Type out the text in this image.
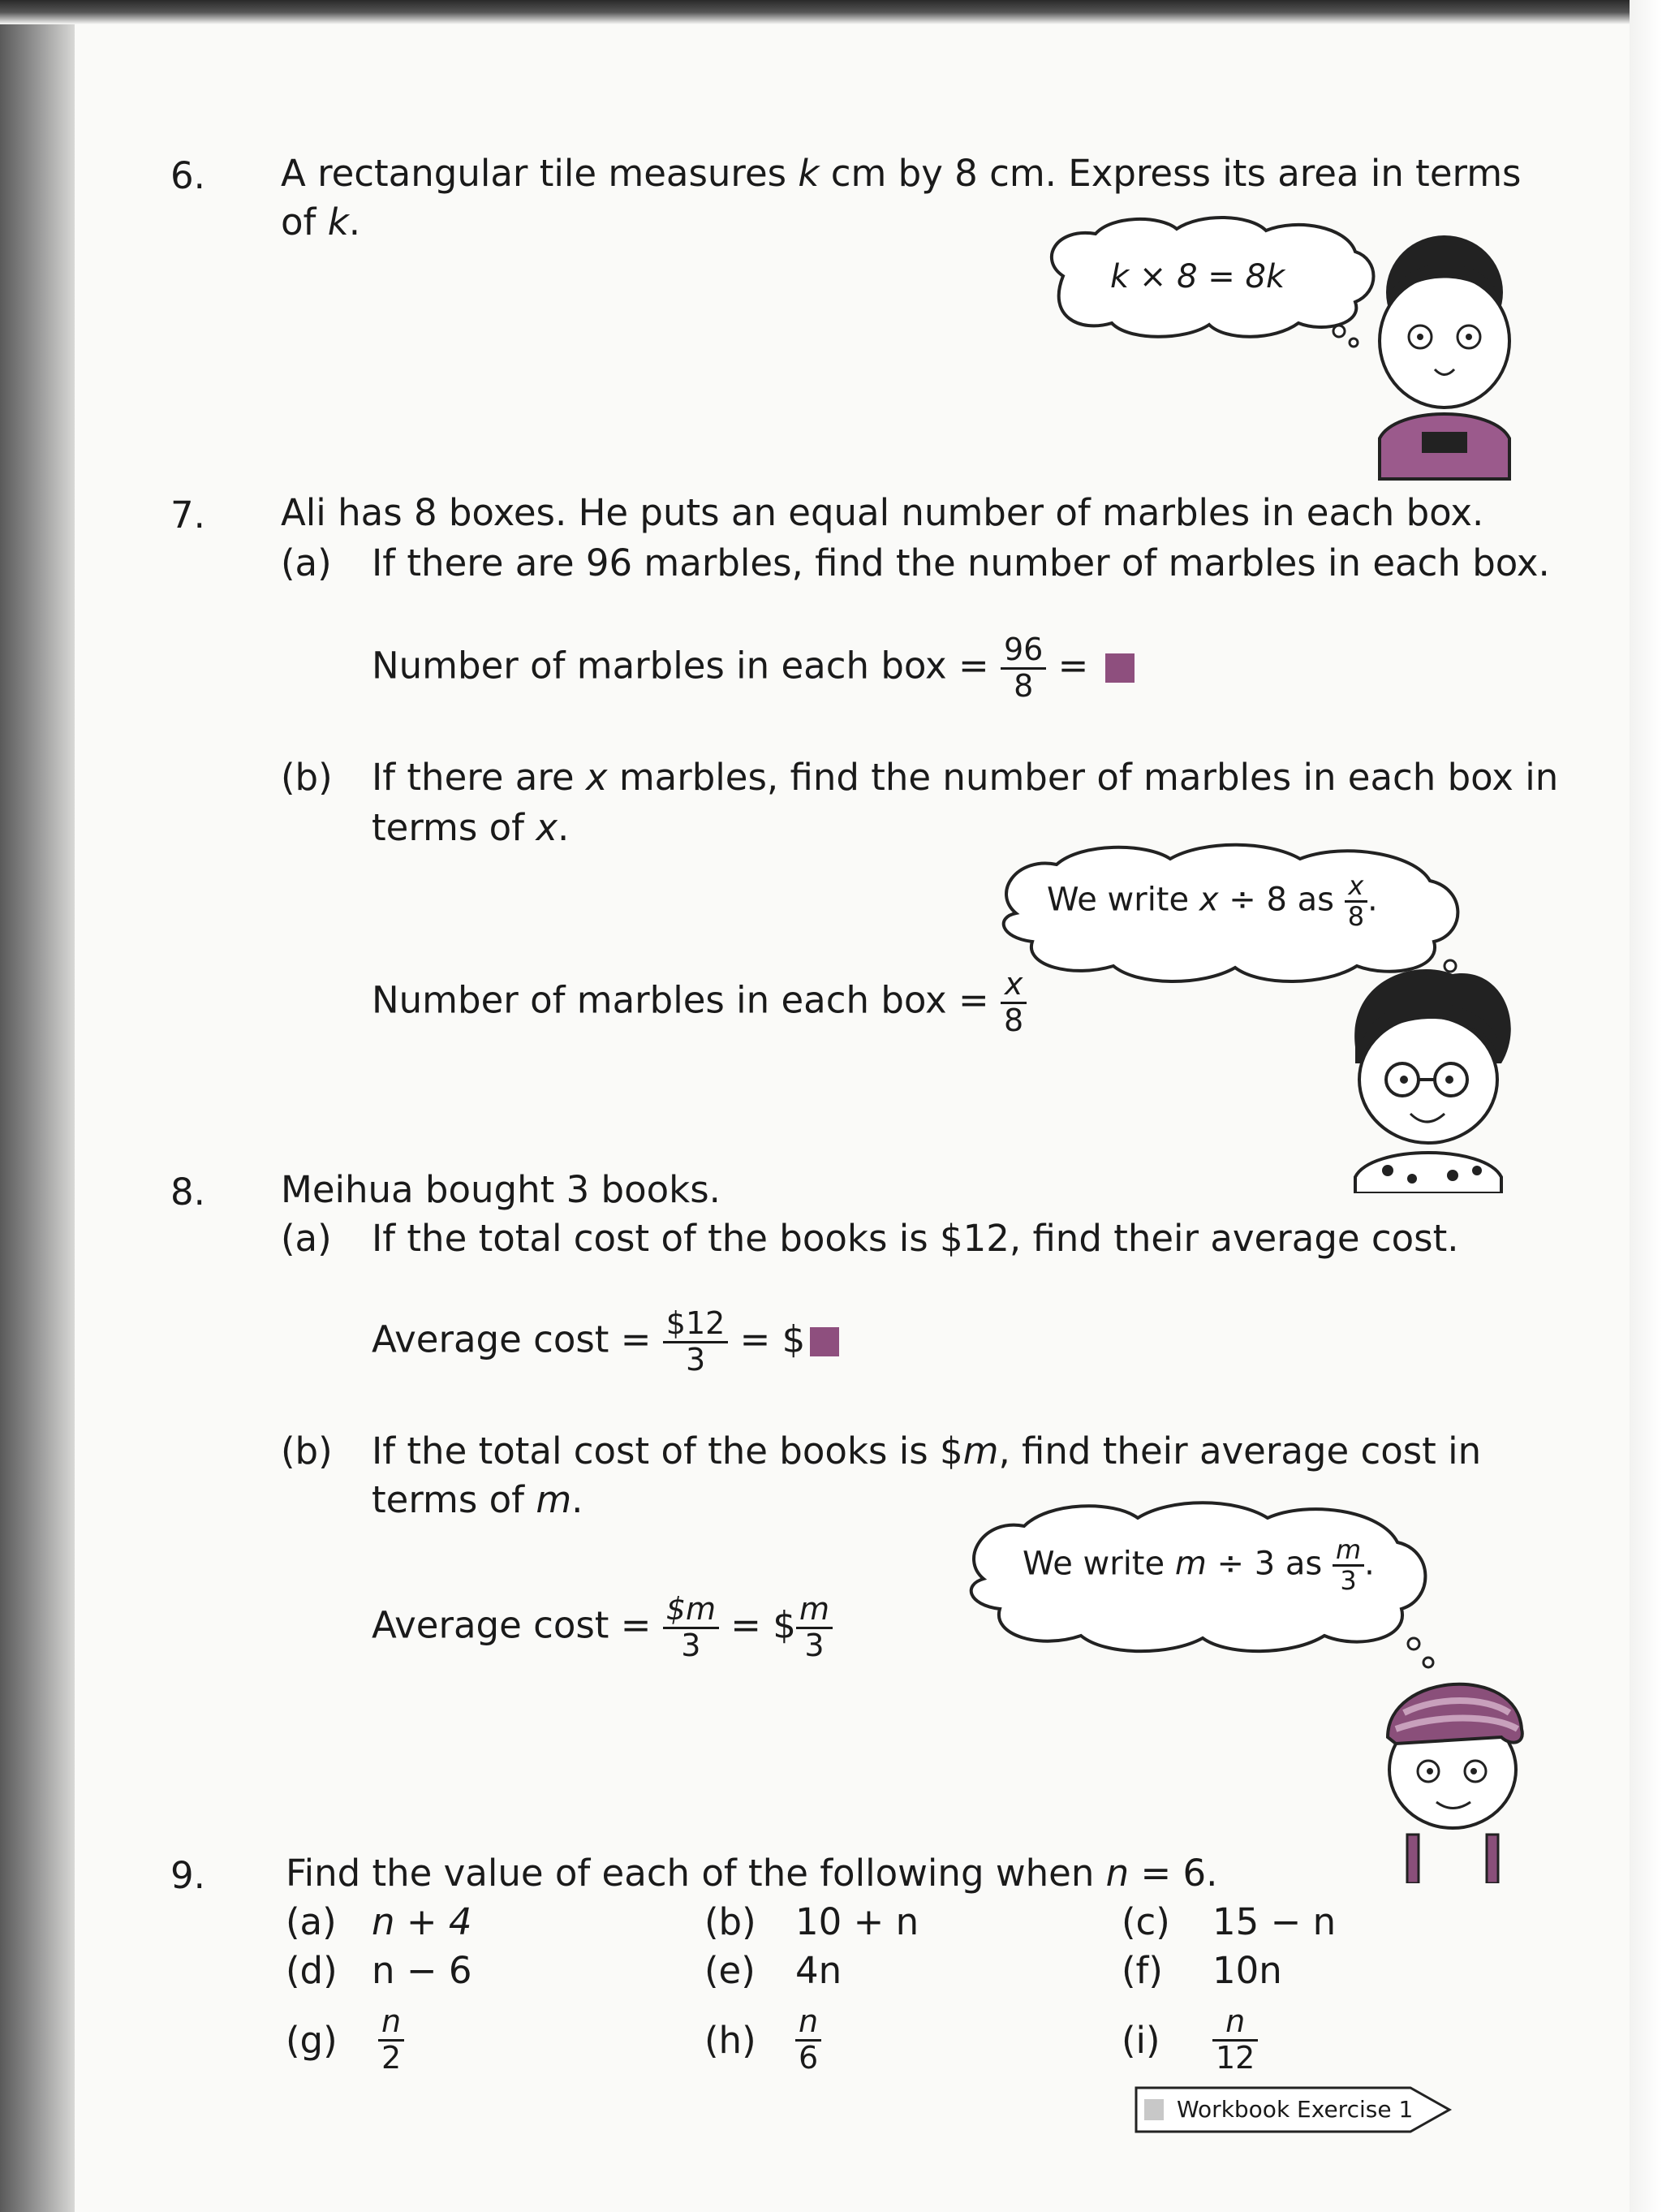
6. A rectangular tile measures k cm by 8 cm. Express its area in terms
of k.
k × 8 = 8k
7. Ali has 8 boxes. He puts an equal number of marbles in each box.
(a) If there are 96 marbles, find the number of marbles in each box.
Number of marbles in each box = $\frac{96}{8}$ =
(b) If there are x marbles, find the number of marbles in each box in
terms of x.
We write x ÷ 8 as $\frac{x}{8}$ .
Number of marbles in each box = $\frac{x}{8}$
8. Meihua bought 3 books.
(a) If the total cost of the books is $12, find their average cost.
Average $\cos t = \frac{\$12}{3}$ = $
(b) If the total cost of the books is $m, find their average cost in
terms of m.
We write m ÷ 3 as $\frac{m}{3}$ .
Average $\cos t = \frac{\$m}{3}$ = $ $\frac{m}{3}$
9. Find the value of each of the following when n = 6.
(a) n + 4	(b) 10 + n	(c) 15 − n
(d) n − 6	(e) 4n	(f) 10n
$(g) \frac{n}{2}$	$(h) \frac{n}{6}$	$(i) \frac{n}{12}$
Workbook Exercise 1
